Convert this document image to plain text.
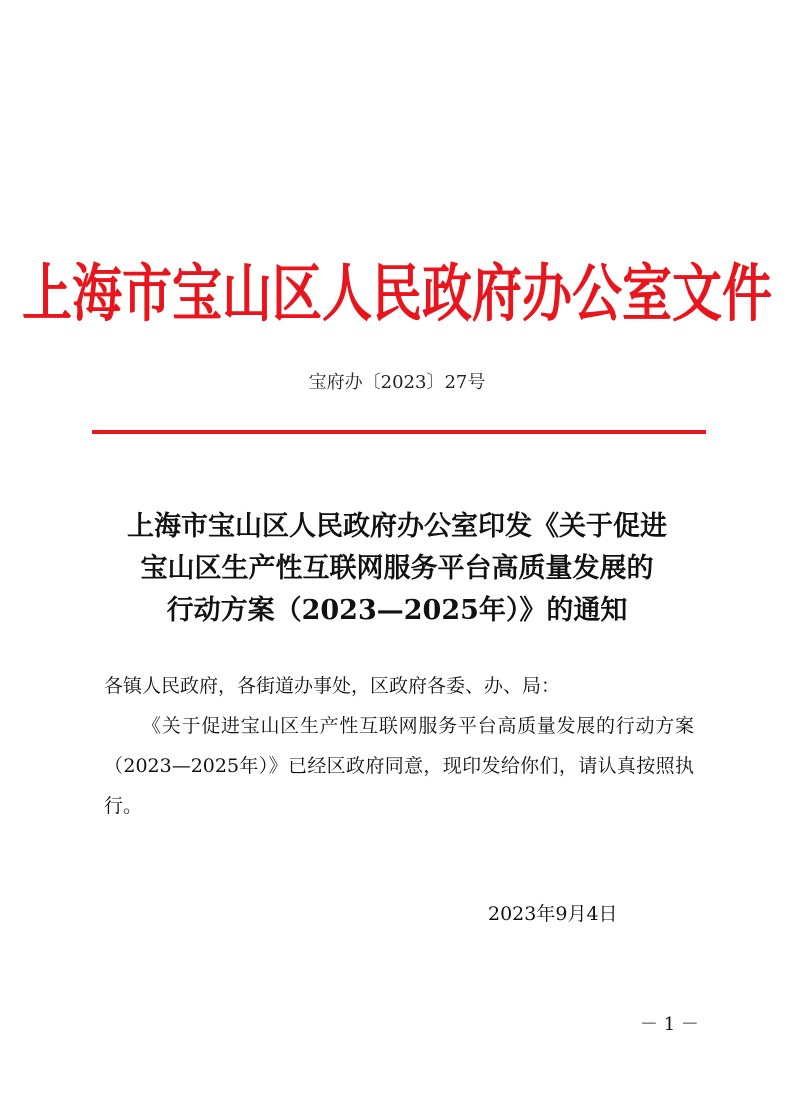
上海市宝山区人民政府办公室文件
宝府办〔2023〕27号
上海市宝山区人民政府办公室印发《关于促进
宝山区生产性互联网服务平台高质量发展的
行动方案（2023—2025年）》的通知

各镇人民政府，各街道办事处，区政府各委、办、局：

《关于促进宝山区生产性互联网服务平台高质量发展的行动方案（2023—2025年）》已经区政府同意，现印发给你们，请认真按照执行。

2023年9月4日
－ 1 －
